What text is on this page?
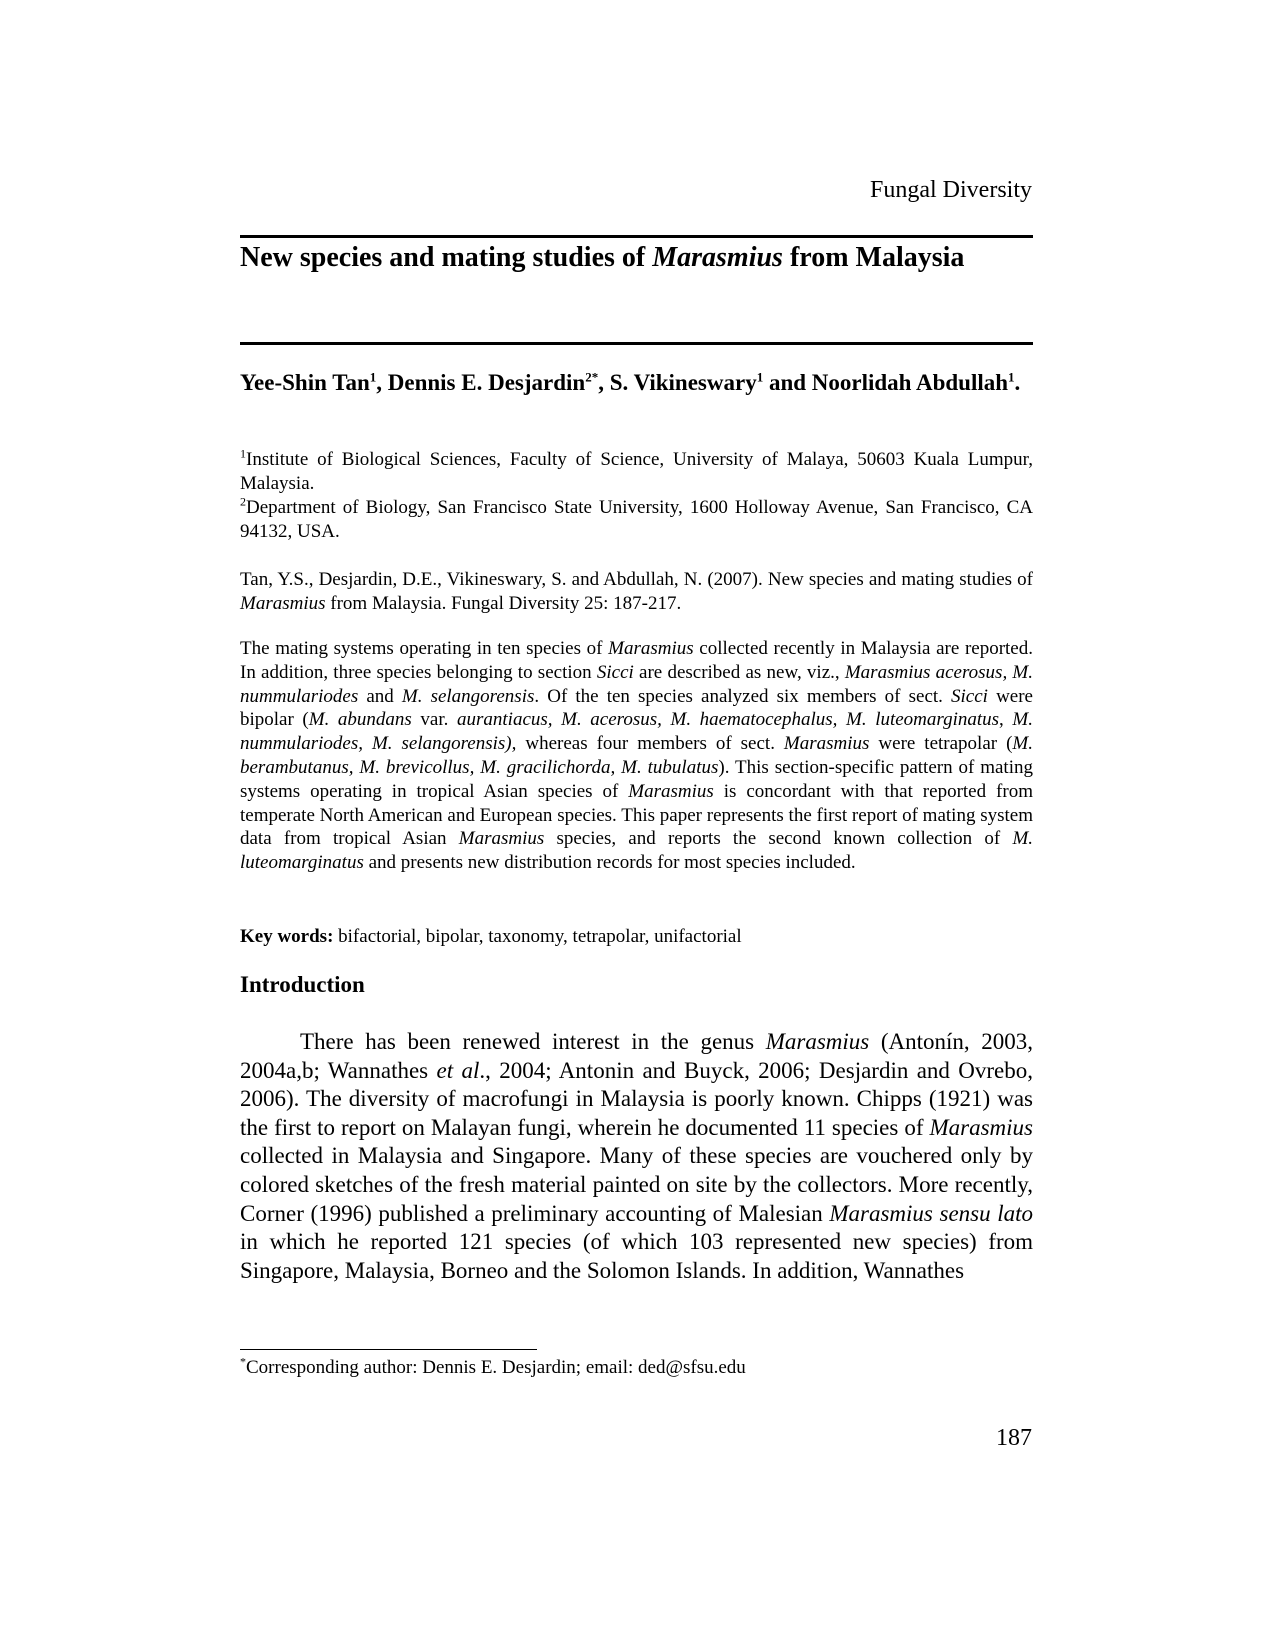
Fungal Diversity
New species and mating studies of Marasmius from Malaysia

Yee-Shin Tan$^1$, Dennis E. Desjardin$^{2*}$, S. Vikineswary$^1$ and Noorlidah Abdullah$^1$.

$^1$Institute of Biological Sciences, Faculty of Science, University of Malaya, 50603 Kuala Lumpur, Malaysia.
$^2$Department of Biology, San Francisco State University, 1600 Holloway Avenue, San Francisco, CA 94132, USA.

Tan, Y.S., Desjardin, D.E., Vikineswary, S. and Abdullah, N. (2007). New species and mating studies of Marasmius from Malaysia. Fungal Diversity 25: 187-217.

The mating systems operating in ten species of Marasmius collected recently in Malaysia are reported. In addition, three species belonging to section Sicci are described as new, viz., Marasmius acerosus, M. nummulariodes and M. selangorensis. Of the ten species analyzed six members of sect. Sicci were bipolar (M. abundans var. aurantiacus, M. acerosus, M. haematocephalus, M. luteomarginatus, M. nummulariodes, M. selangorensis), whereas four members of sect. Marasmius were tetrapolar (M. berambutanus, M. brevicollus, M. gracilichorda, M. tubulatus). This section-specific pattern of mating systems operating in tropical Asian species of Marasmius is concordant with that reported from temperate North American and European species. This paper represents the first report of mating system data from tropical Asian Marasmius species, and reports the second known collection of M. luteomarginatus and presents new distribution records for most species included.

Key words: bifactorial, bipolar, taxonomy, tetrapolar, unifactorial

Introduction

There has been renewed interest in the genus Marasmius (Antonín, 2003, 2004a,b; Wannathes et al., 2004; Antonin and Buyck, 2006; Desjardin and Ovrebo, 2006). The diversity of macrofungi in Malaysia is poorly known. Chipps (1921) was the first to report on Malayan fungi, wherein he documented 11 species of Marasmius collected in Malaysia and Singapore. Many of these species are vouchered only by colored sketches of the fresh material painted on site by the collectors. More recently, Corner (1996) published a preliminary accounting of Malesian Marasmius sensu lato in which he reported 121 species (of which 103 represented new species) from Singapore, Malaysia, Borneo and the Solomon Islands. In addition, Wannathes

*Corresponding author: Dennis E. Desjardin; email: ded@sfsu.edu

187
